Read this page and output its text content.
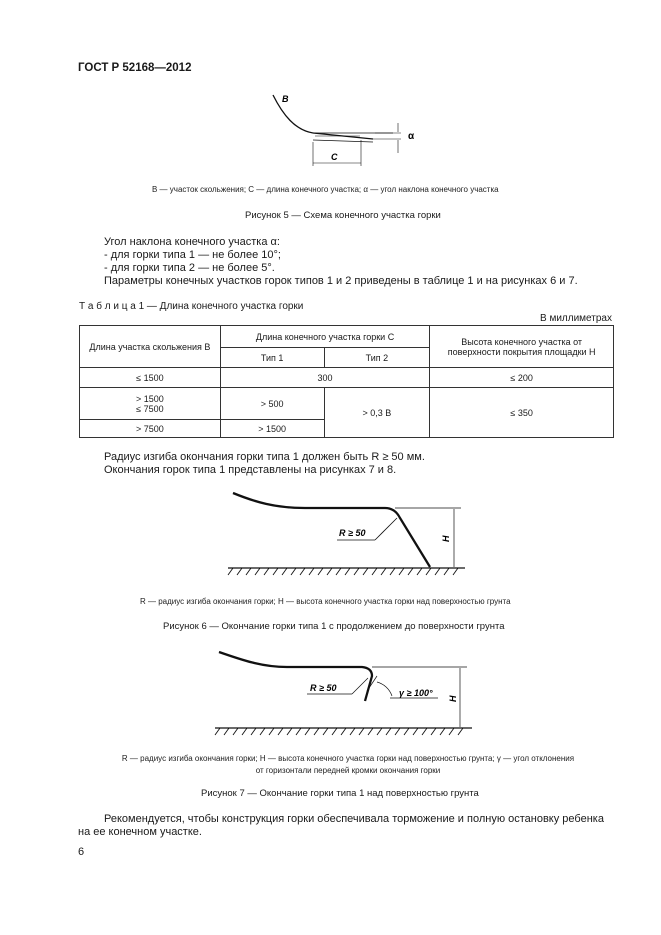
ГОСТ Р 52168—2012
В
С
α
В — участок скольжения; С — длина конечного участка; α — угол наклона конечного участка
Рисунок 5 — Схема конечного участка горки
Угол наклона конечного участка α:
- для горки типа 1 — не более 10°;
- для горки типа 2 — не более 5°.
Параметры конечных участков горок типов 1 и 2 приведены в таблице 1 и на рисунках 6 и 7.
Т а б л и ц а 1 — Длина конечного участка горки
В миллиметрах
Длина участка скольжения В	Длина конечного участка горки С		Высота конечного участка от
поверхности покрытия площадки Н

	Тип 1	Тип 2	
≤ 1500	300		≤ 200

> 1500
≤ 7500	> 500	> 0,3 В	≤ 350
> 7500	> 1500		
Радиус изгиба окончания горки типа 1 должен быть R ≥ 50 мм.
Окончания горок типа 1 представлены на рисунках 7 и 8.
R ≥ 50
H
R — радиус изгиба окончания горки; H — высота конечного участка горки над поверхностью грунта
Рисунок 6 — Окончание горки типа 1 с продолжением до поверхности грунта
R ≥ 50	γ ≥ 100°
H
R — радиус изгиба окончания горки; H — высота конечного участка горки над поверхностью грунта; γ — угол отклонения
от горизонтали передней кромки окончания горки
Рисунок 7 — Окончание горки типа 1 над поверхностью грунта
Рекомендуется, чтобы конструкция горки обеспечивала торможение и полную остановку ребенка
на ее конечном участке.
6
